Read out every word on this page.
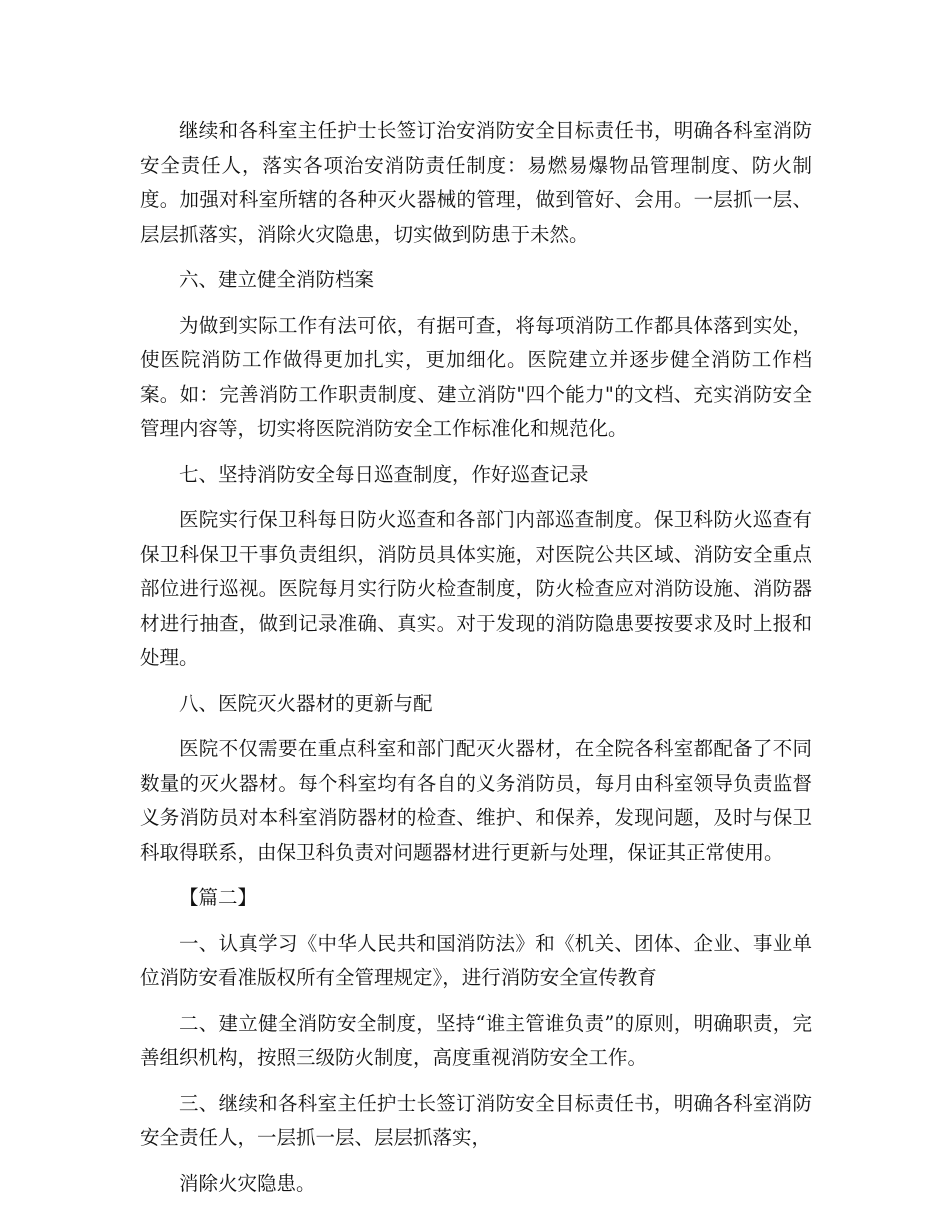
继续和各科室主任护士长签订治安消防安全目标责任书，明确各科室消防安全责任人，落实各项治安消防责任制度：易燃易爆物品管理制度、防火制度。加强对科室所辖的各种灭火器械的管理，做到管好、会用。一层抓一层、层层抓落实，消除火灾隐患，切实做到防患于未然。

六、建立健全消防档案

为做到实际工作有法可依，有据可查，将每项消防工作都具体落到实处，使医院消防工作做得更加扎实，更加细化。医院建立并逐步健全消防工作档案。如：完善消防工作职责制度、建立消防"四个能力"的文档、充实消防安全管理内容等，切实将医院消防安全工作标准化和规范化。

七、坚持消防安全每日巡查制度，作好巡查记录

医院实行保卫科每日防火巡查和各部门内部巡查制度。保卫科防火巡查有保卫科保卫干事负责组织，消防员具体实施，对医院公共区域、消防安全重点部位进行巡视。医院每月实行防火检查制度，防火检查应对消防设施、消防器材进行抽查，做到记录准确、真实。对于发现的消防隐患要按要求及时上报和处理。

八、医院灭火器材的更新与配

医院不仅需要在重点科室和部门配灭火器材，在全院各科室都配备了不同数量的灭火器材。每个科室均有各自的义务消防员，每月由科室领导负责监督义务消防员对本科室消防器材的检查、维护、和保养，发现问题，及时与保卫科取得联系，由保卫科负责对问题器材进行更新与处理，保证其正常使用。

【篇二】

一、认真学习《中华人民共和国消防法》和《机关、团体、企业、事业单位消防安看准版权所有全管理规定》，进行消防安全宣传教育

二、建立健全消防安全制度，坚持“谁主管谁负责”的原则，明确职责，完善组织机构，按照三级防火制度，高度重视消防安全工作。

三、继续和各科室主任护士长签订消防安全目标责任书，明确各科室消防安全责任人，一层抓一层、层层抓落实，

消除火灾隐患。
